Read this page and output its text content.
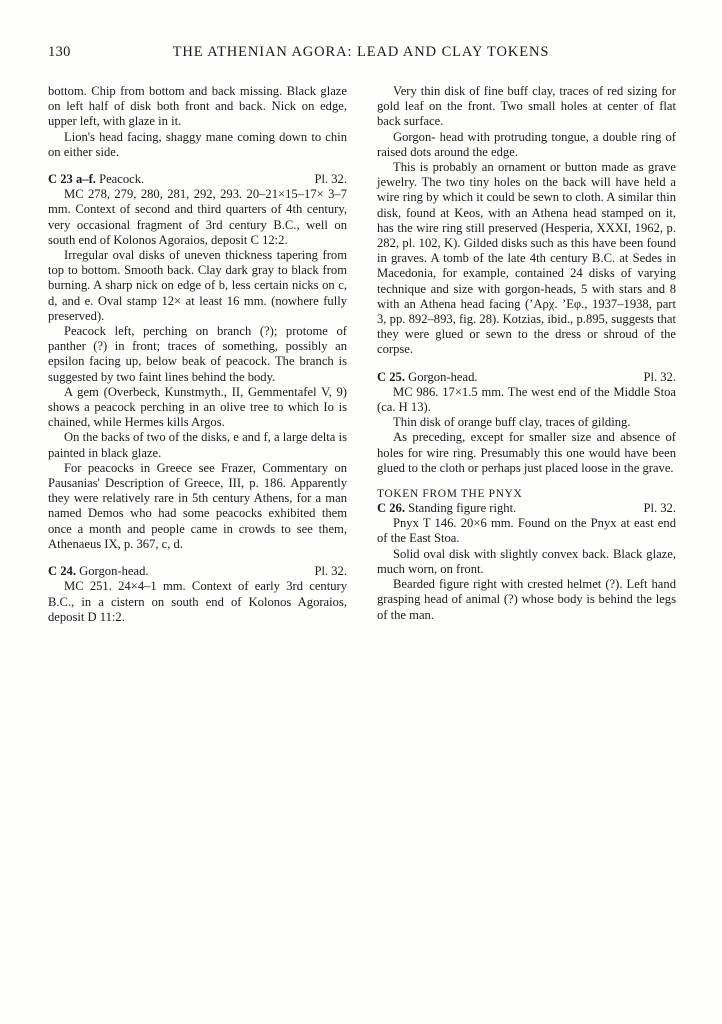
130	THE ATHENIAN AGORA: LEAD AND CLAY TOKENS

bottom. Chip from bottom and back missing. Black glaze on left half of disk both front and back. Nick on edge, upper left, with glaze in it.

Lion's head facing, shaggy mane coming down to chin on either side.

C 23 a–f. Peacock.	Pl. 32.

MC 278, 279, 280, 281, 292, 293. 20–21×15–17× 3–7 mm. Context of second and third quarters of 4th century, very occasional fragment of 3rd century B.C., well on south end of Kolonos Agoraios, deposit C 12:2.

Irregular oval disks of uneven thickness tapering from top to bottom. Smooth back. Clay dark gray to black from burning. A sharp nick on edge of b, less certain nicks on c, d, and e. Oval stamp 12× at least 16 mm. (nowhere fully preserved).

Peacock left, perching on branch (?); protome of panther (?) in front; traces of something, possibly an epsilon facing up, below beak of peacock. The branch is suggested by two faint lines behind the body.

A gem (Overbeck, Kunstmyth., II, Gemmentafel V, 9) shows a peacock perching in an olive tree to which Io is chained, while Hermes kills Argos.

On the backs of two of the disks, e and f, a large delta is painted in black glaze.

For peacocks in Greece see Frazer, Commentary on Pausanias' Description of Greece, III, p. 186. Apparently they were relatively rare in 5th century Athens, for a man named Demos who had some peacocks exhibited them once a month and people came in crowds to see them, Athenaeus IX, p. 367, c, d.

C 24. Gorgon-head.	Pl. 32.

MC 251. 24×4–1 mm. Context of early 3rd century B.C., in a cistern on south end of Kolonos Agoraios, deposit D 11:2.

Very thin disk of fine buff clay, traces of red sizing for gold leaf on the front. Two small holes at center of flat back surface.

Gorgon- head with protruding tongue, a double ring of raised dots around the edge.

This is probably an ornament or button made as grave jewelry. The two tiny holes on the back will have held a wire ring by which it could be sewn to cloth. A similar thin disk, found at Keos, with an Athena head stamped on it, has the wire ring still preserved (Hesperia, XXXI, 1962, p. 282, pl. 102, K). Gilded disks such as this have been found in graves. A tomb of the late 4th century B.C. at Sedes in Macedonia, for example, contained 24 disks of varying technique and size with gorgon-heads, 5 with stars and 8 with an Athena head facing (ʼAρχ. ʼEφ., 1937–1938, part 3, pp. 892–893, fig. 28). Kotzias, ibid., p.895, suggests that they were glued or sewn to the dress or shroud of the corpse.

C 25. Gorgon-head.	Pl. 32.

MC 986. 17×1.5 mm. The west end of the Middle Stoa (ca. H 13).

Thin disk of orange buff clay, traces of gilding.

As preceding, except for smaller size and absence of holes for wire ring. Presumably this one would have been glued to the cloth or perhaps just placed loose in the grave.

TOKEN FROM THE PNYX
C 26. Standing figure right.	Pl. 32.

Pnyx T 146. 20×6 mm. Found on the Pnyx at east end of the East Stoa.

Solid oval disk with slightly convex back. Black glaze, much worn, on front.

Bearded figure right with crested helmet (?). Left hand grasping head of animal (?) whose body is behind the legs of the man.
